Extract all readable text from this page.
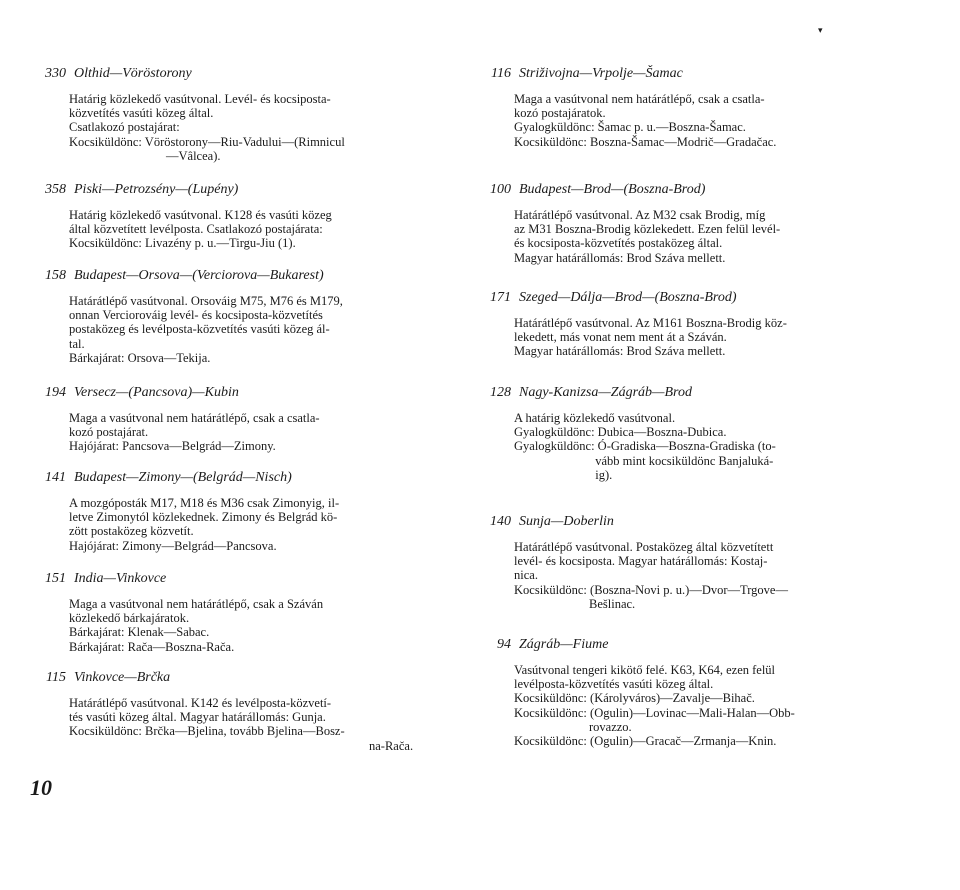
330 Olthid—Vöröstorony
Határig közlekedő vasútvonal. Levél- és kocsiposta-
közvetítés vasúti közeg által.
Csatlakozó postajárat:
Kocsiküldönc: Vöröstorony—Riu-Vadului—(Rimnicul
—Vâlcea).
358 Piski—Petrozsény—(Lupény)
Határig közlekedő vasútvonal. K128 és vasúti közeg
által közvetített levélposta. Csatlakozó postajárata:
Kocsiküldönc: Livazény p. u.—Tirgu-Jiu (1).
158 Budapest—Orsova—(Verciorova—Bukarest)
Határátlépő vasútvonal. Orsováig M75, M76 és M179,
onnan Verciorováig levél- és kocsiposta-közvetítés
postaközeg és levélposta-közvetítés vasúti közeg ál-
tal.
Bárkajárat: Orsova—Tekija.
194 Versecz—(Pancsova)—Kubin
Maga a vasútvonal nem határátlépő, csak a csatla-
kozó postajárat.
Hajójárat: Pancsova—Belgrád—Zimony.
141 Budapest—Zimony—(Belgrád—Nisch)
A mozgóposták M17, M18 és M36 csak Zimonyig, il-
letve Zimonytól közlekednek. Zimony és Belgrád kö-
zött postaközeg közvetít.
Hajójárat: Zimony—Belgrád—Pancsova.
151 India—Vinkovce
Maga a vasútvonal nem határátlépő, csak a Száván
közlekedő bárkajáratok.
Bárkajárat: Klenak—Sabac.
Bárkajárat: Rača—Boszna-Rača.
115 Vinkovce—Brčka
Határátlépő vasútvonal. K142 és levélposta-közvetí-
tés vasúti közeg által. Magyar határállomás: Gunja.
Kocsiküldönc: Brčka—Bjelina, tovább Bjelina—Bosz-
na-Rača.
116 Striživojna—Vrpolje—Šamac
Maga a vasútvonal nem határátlépő, csak a csatla-
kozó postajáratok.
Gyalogküldönc: Šamac p. u.—Boszna-Šamac.
Kocsiküldönc: Boszna-Šamac—Modrič—Gradačac.
100 Budapest—Brod—(Boszna-Brod)
Határátlépő vasútvonal. Az M32 csak Brodig, míg
az M31 Boszna-Brodig közlekedett. Ezen felül levél-
és kocsiposta-közvetítés postaközeg által.
Magyar határállomás: Brod Száva mellett.
171 Szeged—Dálja—Brod—(Boszna-Brod)
Határátlépő vasútvonal. Az M161 Boszna-Brodig köz-
lekedett, más vonat nem ment át a Száván.
Magyar határállomás: Brod Száva mellett.
128 Nagy-Kanizsa—Zágráb—Brod
A határig közlekedő vasútvonal.
Gyalogküldönc: Dubica—Boszna-Dubica.
Gyalogküldönc: Ó-Gradiska—Boszna-Gradiska (to-
vább mint kocsiküldönc Banjaluká-
ig).
140 Sunja—Doberlin
Határátlépő vasútvonal. Postaközeg által közvetített
levél- és kocsiposta. Magyar határállomás: Kostaj-
nica.
Kocsiküldönc: (Boszna-Novi p. u.)—Dvor—Trgove—
Bešlinac.
94 Zágráb—Fiume
Vasútvonal tengeri kikötő felé. K63, K64, ezen felül
levélposta-közvetítés vasúti közeg által.
Kocsiküldönc: (Károlyváros)—Zavalje—Bihač.
Kocsiküldönc: (Ogulin)—Lovinac—Mali-Halan—Obb-
rovazzo.
Kocsiküldönc: (Ogulin)—Gracač—Zrmanja—Knin.
10
▾
